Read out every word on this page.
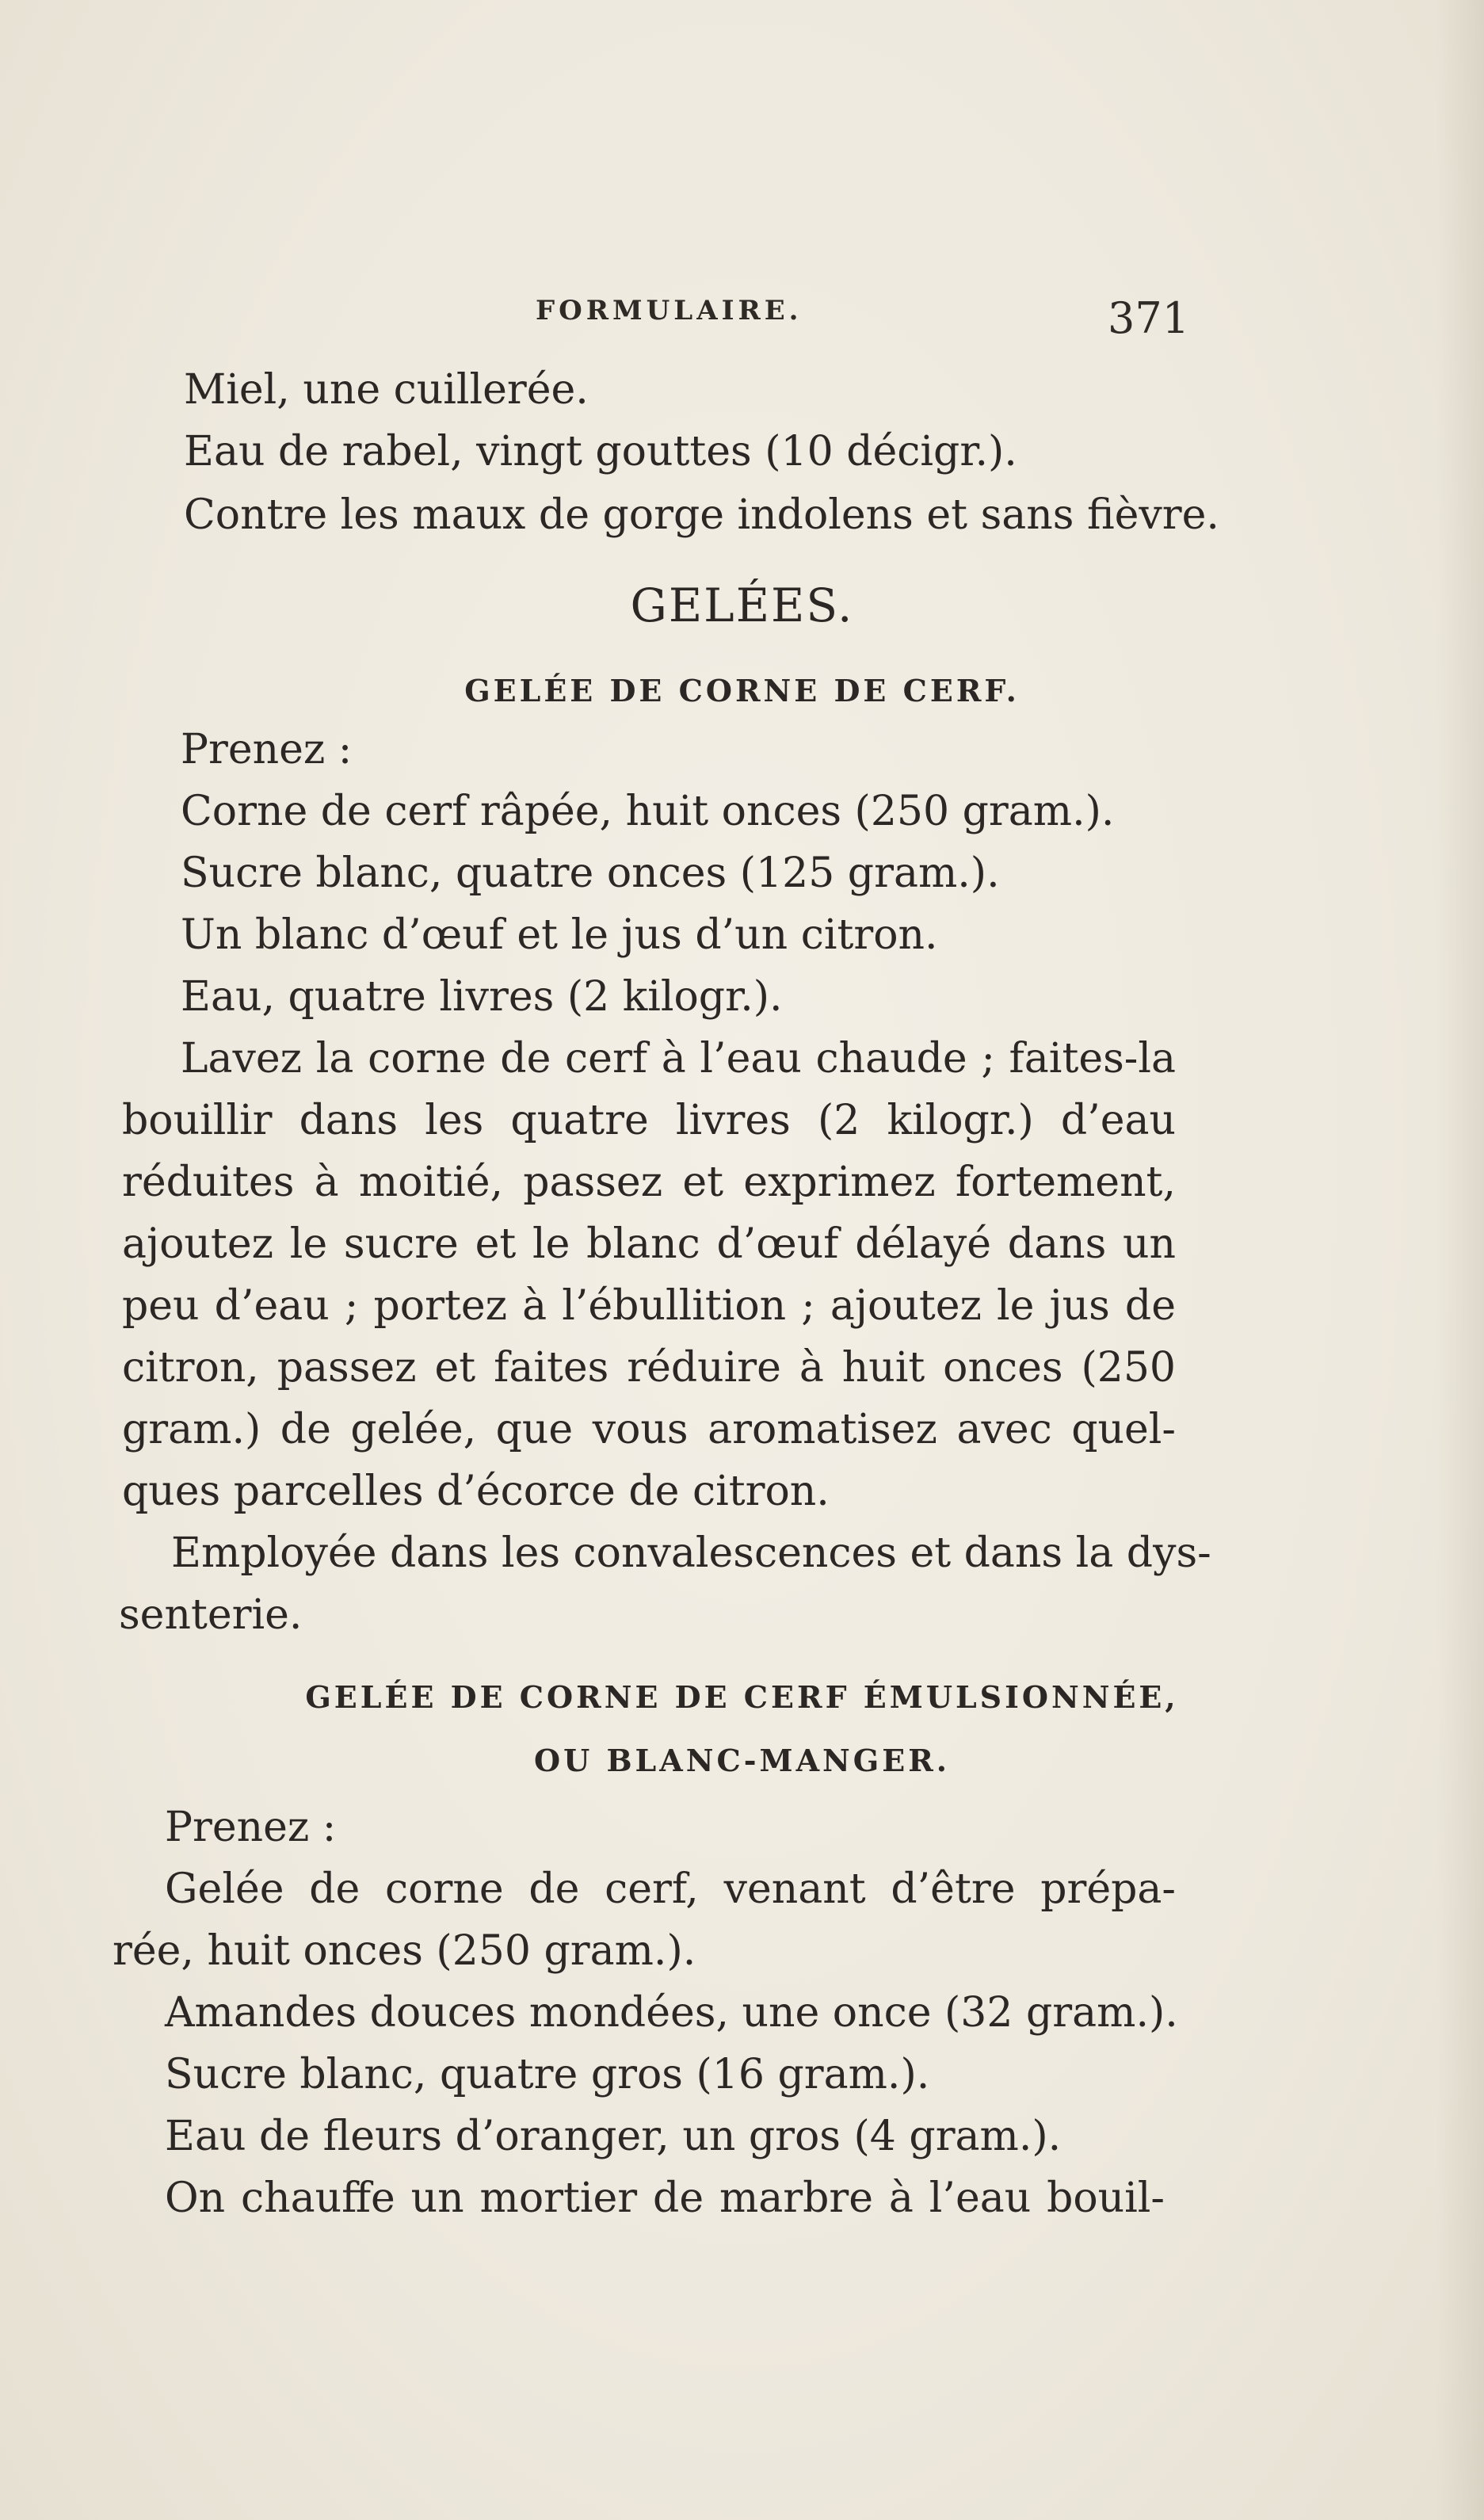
FORMULAIRE.	371
Miel, une cuillerée.
Eau de rabel, vingt gouttes (10 décigr.).
Contre les maux de gorge indolens et sans fièvre.
GELÉES.
GELÉE DE CORNE DE CERF.
Prenez :
Corne de cerf râpée, huit onces (250 gram.).
Sucre blanc, quatre onces (125 gram.).
Un blanc d’œuf et le jus d’un citron.
Eau, quatre livres (2 kilogr.).
Lavez la corne de cerf à l’eau chaude ; faites-la
bouillir dans les quatre livres (2 kilogr.) d’eau
réduites à moitié, passez et exprimez fortement,
ajoutez le sucre et le blanc d’œuf délayé dans un
peu d’eau ; portez à l’ébullition ; ajoutez le jus de
citron, passez et faites réduire à huit onces (250
gram.) de gelée, que vous aromatisez avec quel-
ques parcelles d’écorce de citron.
Employée dans les convalescences et dans la dys-
senterie.
GELÉE DE CORNE DE CERF ÉMULSIONNÉE,
OU BLANC-MANGER.
Prenez :
Gelée de corne de cerf, venant d’être prépa-
rée, huit onces (250 gram.).
Amandes douces mondées, une once (32 gram.).
Sucre blanc, quatre gros (16 gram.).
Eau de fleurs d’oranger, un gros (4 gram.).
On chauffe un mortier de marbre à l’eau bouil-
